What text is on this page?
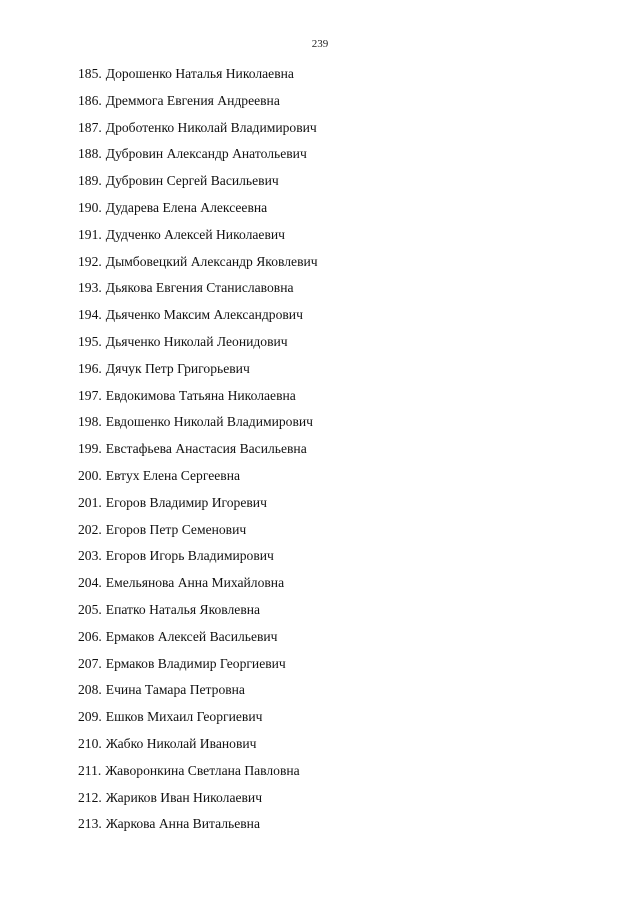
239
185. Дорошенко Наталья Николаевна
186. Дреммога Евгения Андреевна
187. Дроботенко Николай Владимирович
188. Дубровин Александр Анатольевич
189. Дубровин Сергей Васильевич
190. Дударева Елена Алексеевна
191. Дудченко Алексей Николаевич
192. Дымбовецкий Александр Яковлевич
193. Дьякова Евгения Станиславовна
194. Дьяченко Максим Александрович
195. Дьяченко Николай Леонидович
196. Дячук Петр Григорьевич
197. Евдокимова Татьяна Николаевна
198. Евдошенко Николай Владимирович
199. Евстафьева Анастасия Васильевна
200. Евтух Елена Сергеевна
201. Егоров Владимир Игоревич
202. Егоров Петр Семенович
203. Егоров Игорь Владимирович
204. Емельянова Анна Михайловна
205. Епатко Наталья Яковлевна
206. Ермаков Алексей Васильевич
207. Ермаков Владимир Георгиевич
208. Ечина Тамара Петровна
209. Ешков Михаил Георгиевич
210. Жабко Николай Иванович
211. Жаворонкина Светлана Павловна
212. Жариков Иван Николаевич
213. Жаркова Анна Витальевна
